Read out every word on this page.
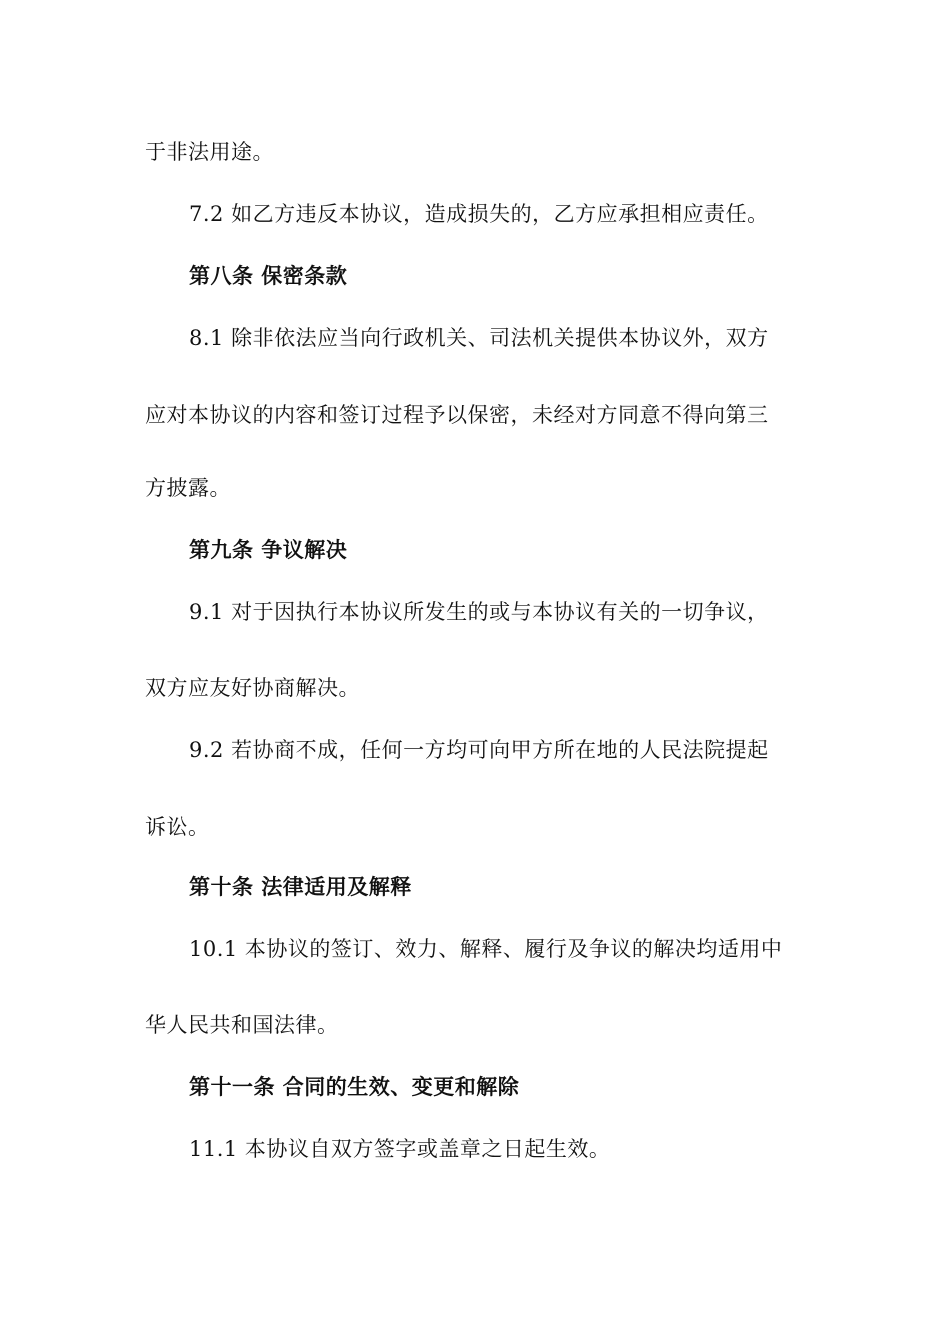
于非法用途。
7.2 如乙方违反本协议，造成损失的，乙方应承担相应责任。
第八条 保密条款
8.1 除非依法应当向行政机关、司法机关提供本协议外，双方
应对本协议的内容和签订过程予以保密，未经对方同意不得向第三
方披露。
第九条 争议解决
9.1 对于因执行本协议所发生的或与本协议有关的一切争议，
双方应友好协商解决。
9.2 若协商不成，任何一方均可向甲方所在地的人民法院提起
诉讼。
第十条 法律适用及解释
10.1 本协议的签订、效力、解释、履行及争议的解决均适用中
华人民共和国法律。
第十一条 合同的生效、变更和解除
11.1 本协议自双方签字或盖章之日起生效。
